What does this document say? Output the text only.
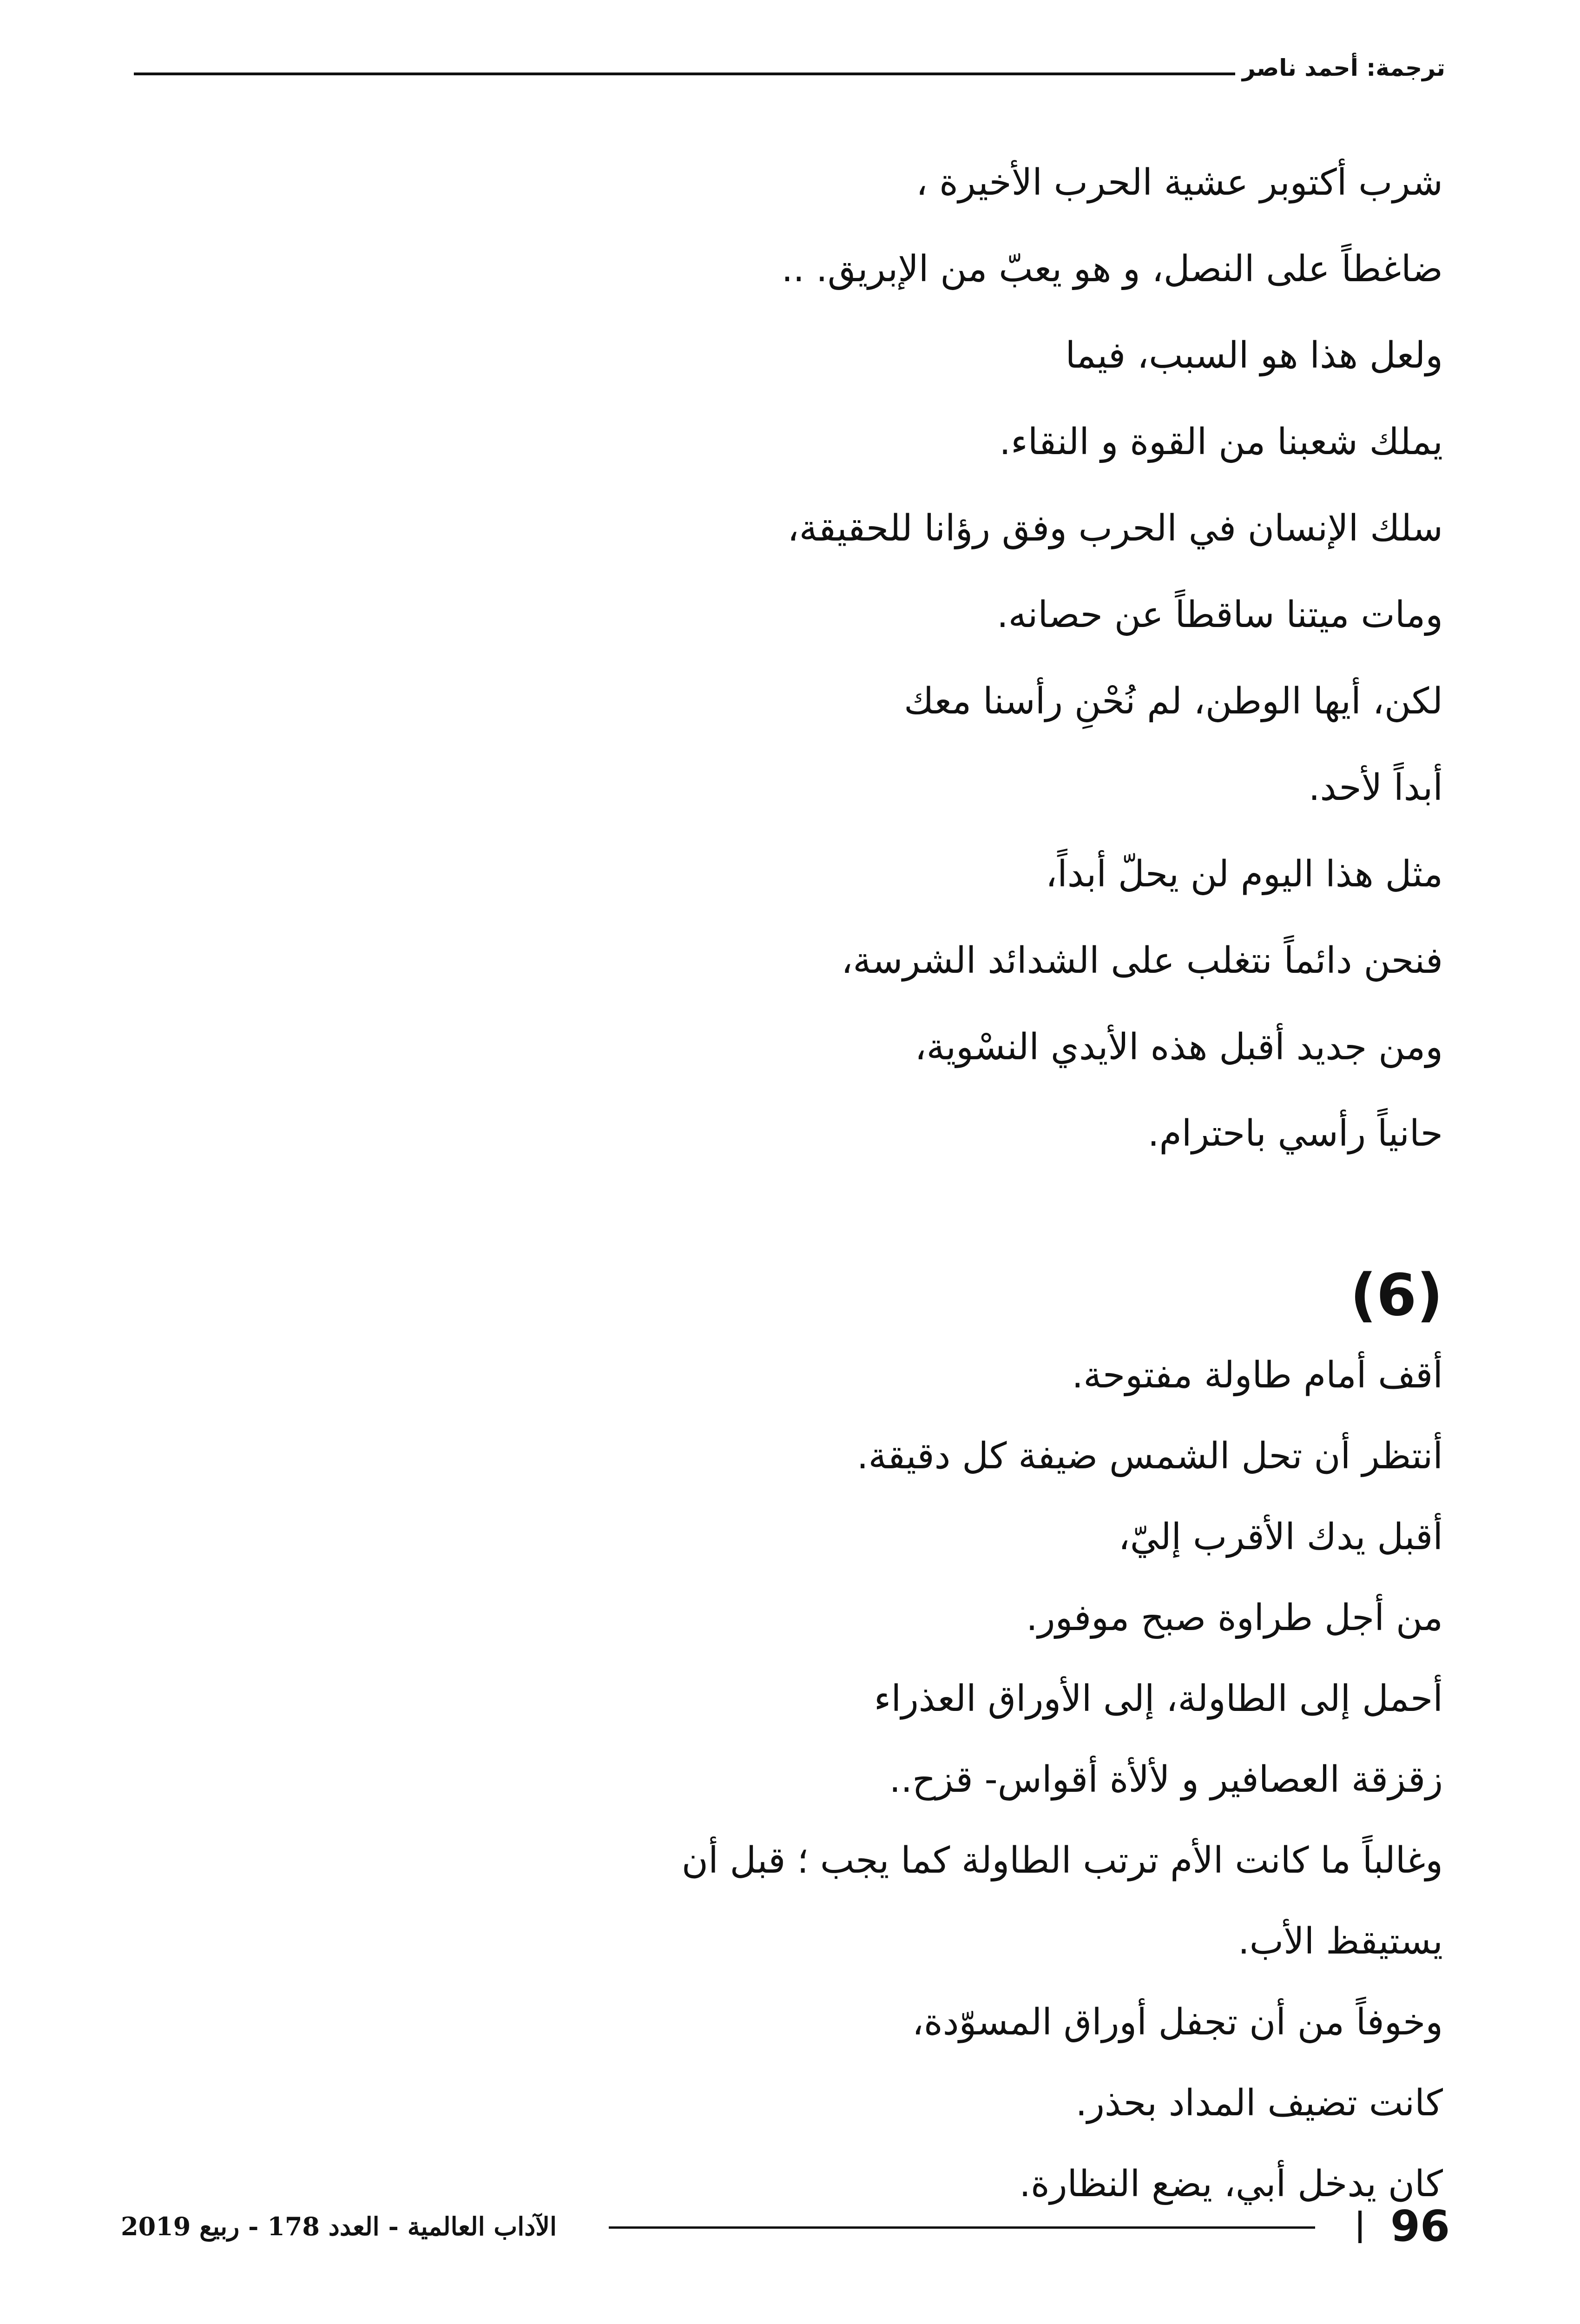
ترجمة: أحمد ناصر
شرب أكتوبر عشية الحرب الأخيرة ،
ضاغطاً على النصل، و هو يعبّ من الإبريق. ..
ولعل هذا هو السبب، فيما
يملك شعبنا من القوة و النقاء.
سلك الإنسان في الحرب وفق رؤانا للحقيقة،
ومات ميتنا ساقطاً عن حصانه.
لكن، أيها الوطن، لم نُحْنِ رأسنا معك
أبداً لأحد.
مثل هذا اليوم لن يحلّ أبداً،
فنحن دائماً نتغلب على الشدائد الشرسة،
ومن جديد أقبل هذه الأيدي النسْوية،
حانياً رأسي باحترام.
(6)
أقف أمام طاولة مفتوحة.
أنتظر أن تحل الشمس ضيفة كل دقيقة.
أقبل يدك الأقرب إليّ،
من أجل طراوة صبح موفور.
أحمل إلى الطاولة، إلى الأوراق العذراء
زقزقة العصافير و لألأة أقواس- قزح..
وغالباً ما كانت الأم ترتب الطاولة كما يجب ؛ قبل أن
يستيقظ الأب.
وخوفاً من أن تجفل أوراق المسوّدة،
كانت تضيف المداد بحذر.
كان يدخل أبي، يضع النظارة.
الآداب العالمية - العدد 178 - ربيع 2019	96
